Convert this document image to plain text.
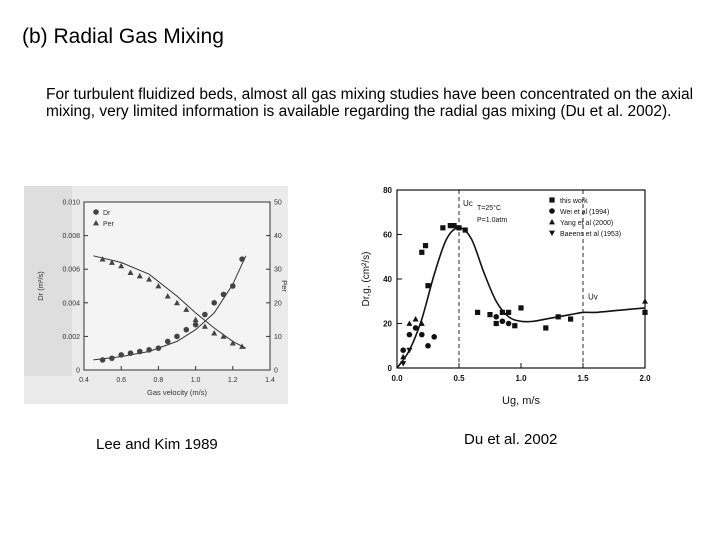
(b) Radial Gas Mixing
For turbulent fluidized beds, almost all gas mixing studies have been concentrated on the axial mixing, very limited information is available regarding the radial gas mixing (Du et al. 2002).
0.4	0.6	0.8	1.0	1.2	1.4
0
0.002
0.004
0.006
0.008
0.010
0
10
20
30
40
50
Gas velocity (m/s)
Dr (m²/s)	Per
Dr
Per
0.0	0.5	1.0	1.5	2.0
0
20
40
60
80
Ug, m/s
Dr,g, (cm²/s)
Uc
T=25°C
P=1.0atm
Uv
this work
Wei et al (1994)
Yang et al (2000)
Baeens et al (1953)
Lee and Kim 1989	Du et al. 2002
